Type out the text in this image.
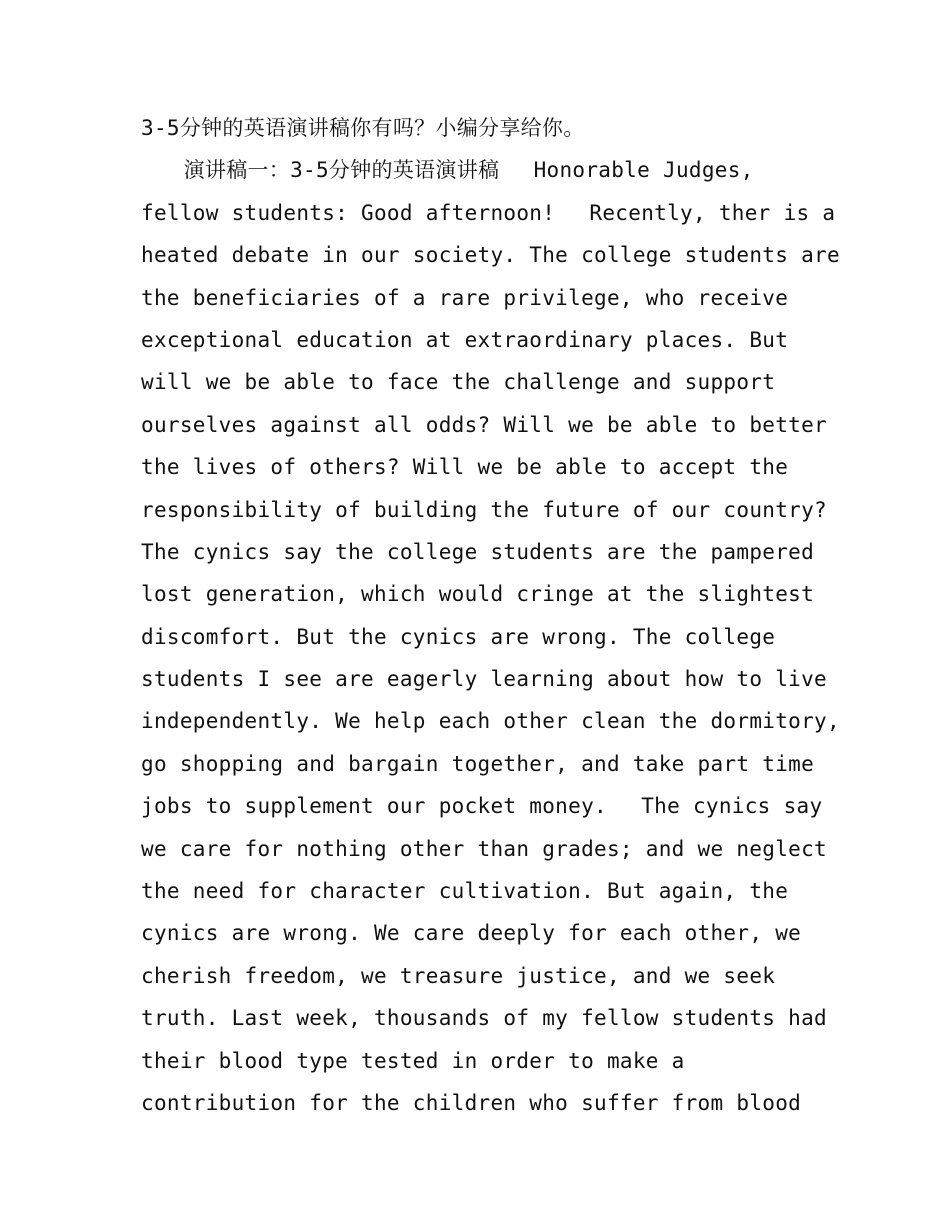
3-5分钟的英语演讲稿你有吗？小编分享给你。
　　演讲稿一：3-5分钟的英语演讲稿　 Honorable Judges,
fellow students: Good afternoon!　 Recently, ther is a
heated debate in our society. The college students are
the beneficiaries of a rare privilege, who receive
exceptional education at extraordinary places. But
will we be able to face the challenge and support
ourselves against all odds? Will we be able to better
the lives of others? Will we be able to accept the
responsibility of building the future of our country?
The cynics say the college students are the pampered
lost generation, which would cringe at the slightest
discomfort. But the cynics are wrong. The college
students I see are eagerly learning about how to live
independently. We help each other clean the dormitory,
go shopping and bargain together, and take part time
jobs to supplement our pocket money.　 The cynics say
we care for nothing other than grades; and we neglect
the need for character cultivation. But again, the
cynics are wrong. We care deeply for each other, we
cherish freedom, we treasure justice, and we seek
truth. Last week, thousands of my fellow students had
their blood type tested in order to make a
contribution for the children who suffer from blood
